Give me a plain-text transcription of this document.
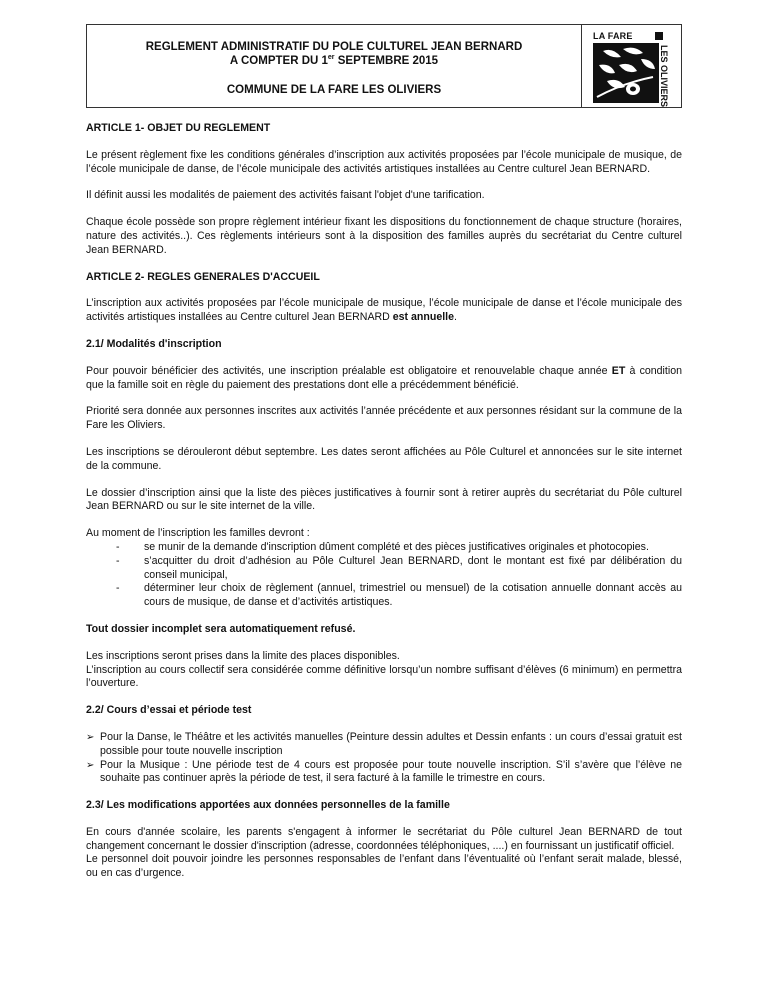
REGLEMENT ADMINISTRATIF DU POLE CULTUREL JEAN BERNARD
A COMPTER DU 1er SEPTEMBRE 2015
COMMUNE DE LA FARE LES OLIVIERS
LA FARE
LES OLIVIERS
ARTICLE 1- OBJET DU REGLEMENT

Le présent règlement fixe les conditions générales d’inscription aux activités proposées par l’école municipale de musique, de l’école municipale de danse, de l’école municipale des activités artistiques installées au Centre culturel Jean BERNARD.

Il définit aussi les modalités de paiement des activités faisant l'objet d'une tarification.

Chaque école possède son propre règlement intérieur fixant les dispositions du fonctionnement de chaque structure (horaires, nature des activités..). Ces règlements intérieurs sont à la disposition des familles auprès du secrétariat du Centre culturel Jean BERNARD.

ARTICLE 2- REGLES GENERALES D'ACCUEIL

L’inscription aux activités proposées par l’école municipale de musique, l’école municipale de danse et l’école municipale des activités artistiques installées au Centre culturel Jean BERNARD est annuelle.

2.1/ Modalités d'inscription

Pour pouvoir bénéficier des activités, une inscription préalable est obligatoire et renouvelable chaque année ET à condition que la famille soit en règle du paiement des prestations dont elle a précédemment bénéficié.

Priorité sera donnée aux personnes inscrites aux activités l’année précédente et aux personnes résidant sur la commune de la Fare les Oliviers.

Les inscriptions se dérouleront début septembre. Les dates seront affichées au Pôle Culturel et annoncées sur le site internet de la commune.

Le dossier d’inscription ainsi que la liste des pièces justificatives à fournir sont à retirer auprès du secrétariat du Pôle culturel Jean BERNARD ou sur le site internet de la ville.

Au moment de l’inscription les familles devront :
-	se munir de la demande d'inscription dûment complété et des pièces justificatives originales et photocopies.
-	s’acquitter du droit d’adhésion au Pôle Culturel Jean BERNARD, dont le montant est fixé par délibération du conseil municipal,
-	déterminer leur choix de règlement (annuel, trimestriel ou mensuel) de la cotisation annuelle donnant accès au cours de musique, de danse et d’activités artistiques.
Tout dossier incomplet sera automatiquement refusé.

Les inscriptions seront prises dans la limite des places disponibles.
L’inscription au cours collectif sera considérée comme définitive lorsqu’un nombre suffisant d’élèves (6 minimum) en permettra l’ouverture.

2.2/ Cours d’essai et période test
➢ Pour la Danse, le Théâtre et les activités manuelles (Peinture dessin adultes et Dessin enfants : un cours d’essai gratuit est possible pour toute nouvelle inscription
➢ Pour la Musique : Une période test de 4 cours est proposée pour toute nouvelle inscription. S’il s’avère que l’élève ne souhaite pas continuer après la période de test, il sera facturé à la famille le trimestre en cours.
2.3/ Les modifications apportées aux données personnelles de la famille

En cours d'année scolaire, les parents s'engagent à informer le secrétariat du Pôle culturel Jean BERNARD de tout changement concernant le dossier d'inscription (adresse, coordonnées téléphoniques, ....) en fournissant un justificatif officiel.

Le personnel doit pouvoir joindre les personnes responsables de l’enfant dans l’éventualité où l’enfant serait malade, blessé, ou en cas d’urgence.
